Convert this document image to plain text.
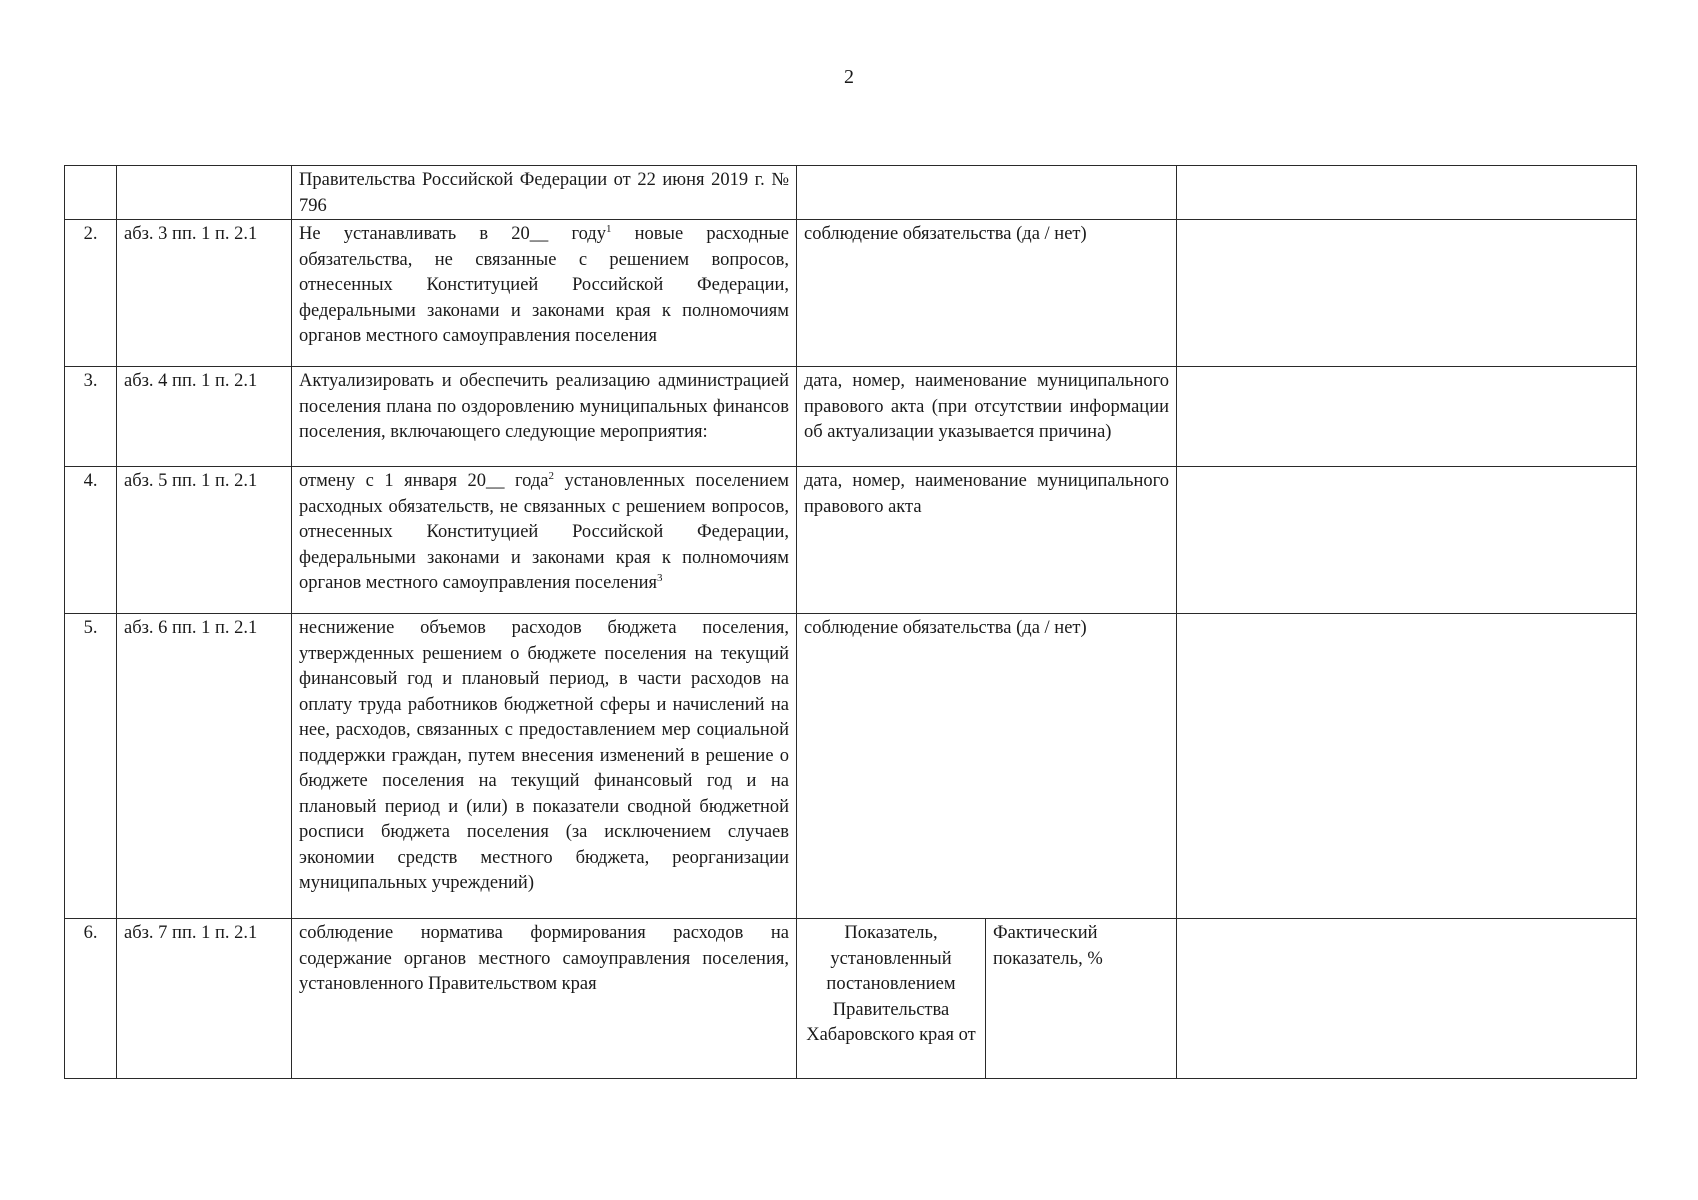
2
		Правительства Российской Федерации от 22 июня 2019 г. № 796			
2.	абз. 3 пп. 1 п. 2.1	Не устанавливать в 20__ году$^1$ новые расходные обязательства, не связанные с решением вопросов, отнесенных Конституцией Российской Федерации, федеральными законами и законами края к полномочиям органов местного самоуправления поселения	соблюдение обязательства (да / нет)		
3.	абз. 4 пп. 1 п. 2.1	Актуализировать и обеспечить реализацию администрацией поселения плана по оздоровлению муниципальных финансов поселения, включающего следующие мероприятия:	дата, номер, наименование муниципального правового акта (при отсутствии информации об актуализации указывается причина)		
4.	абз. 5 пп. 1 п. 2.1	отмену с 1 января 20__ года$^2$ установленных поселением расходных обязательств, не связанных с решением вопросов, отнесенных Конституцией Российской Федерации, федеральными законами и законами края к полномочиям органов местного самоуправления поселения$^3$	дата, номер, наименование муниципального правового акта		
5.	абз. 6 пп. 1 п. 2.1	неснижение объемов расходов бюджета поселения, утвержденных решением о бюджете поселения на текущий финансовый год и плановый период, в части расходов на оплату труда работников бюджетной сферы и начислений на нее, расходов, связанных с предоставлением мер социальной поддержки граждан, путем внесения изменений в решение о бюджете поселения на текущий финансовый год и на плановый период и (или) в показатели сводной бюджетной росписи бюджета поселения (за исключением случаев экономии средств местного бюджета, реорганизации муниципальных учреждений)	соблюдение обязательства (да / нет)		
6.	абз. 7 пп. 1 п. 2.1	соблюдение норматива формирования расходов на содержание органов местного самоуправления поселения, установленного Правительством края	Показатель, установленный постановлением Правительства Хабаровского края от	Фактический показатель, %	
